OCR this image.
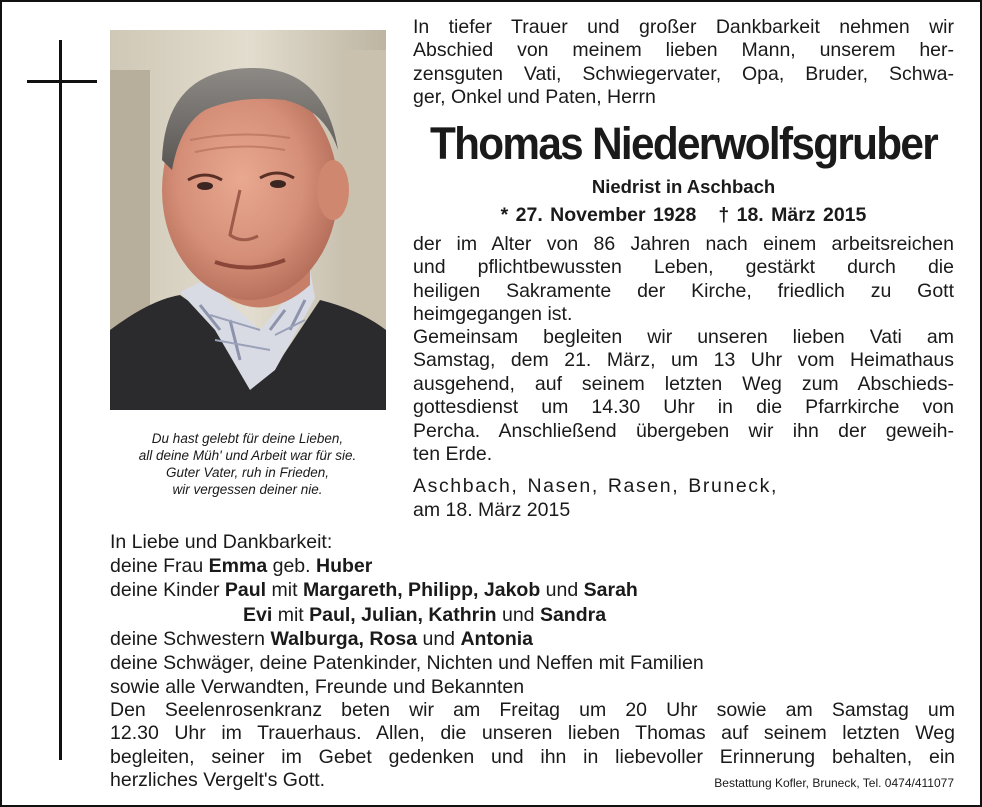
Du hast gelebt für deine Lieben,
all deine Müh' und Arbeit war für sie.
Guter Vater, ruh in Frieden,
wir vergessen deiner nie.
In tiefer Trauer und großer Dankbarkeit nehmen wir
Abschied von meinem lieben Mann, unserem her-
zensguten Vati, Schwiegervater, Opa, Bruder, Schwa-
ger, Onkel und Paten, Herrn
Thomas Niederwolfsgruber
Niedrist in Aschbach
* 27. November 1928 † 18. März 2015
der im Alter von 86 Jahren nach einem arbeitsreichen
und pflichtbewussten Leben, gestärkt durch die
heiligen Sakramente der Kirche, friedlich zu Gott
heimgegangen ist.
Gemeinsam begleiten wir unseren lieben Vati am
Samstag, dem 21. März, um 13 Uhr vom Heimathaus
ausgehend, auf seinem letzten Weg zum Abschieds-
gottesdienst um 14.30 Uhr in die Pfarrkirche von
Percha. Anschließend übergeben wir ihn der geweih-
ten Erde.
Aschbach, Nasen, Rasen, Bruneck,
am 18. März 2015
In Liebe und Dankbarkeit:
deine Frau Emma geb. Huber
deine Kinder Paul mit Margareth, Philipp, Jakob und Sarah
Evi mit Paul, Julian, Kathrin und Sandra
deine Schwestern Walburga, Rosa und Antonia
deine Schwäger, deine Patenkinder, Nichten und Neffen mit Familien
sowie alle Verwandten, Freunde und Bekannten
Den Seelenrosenkranz beten wir am Freitag um 20 Uhr sowie am Samstag um
12.30 Uhr im Trauerhaus. Allen, die unseren lieben Thomas auf seinem letzten Weg
begleiten, seiner im Gebet gedenken und ihn in liebevoller Erinnerung behalten, ein
herzliches Vergelt's Gott.	Bestattung Kofler, Bruneck, Tel. 0474/411077
